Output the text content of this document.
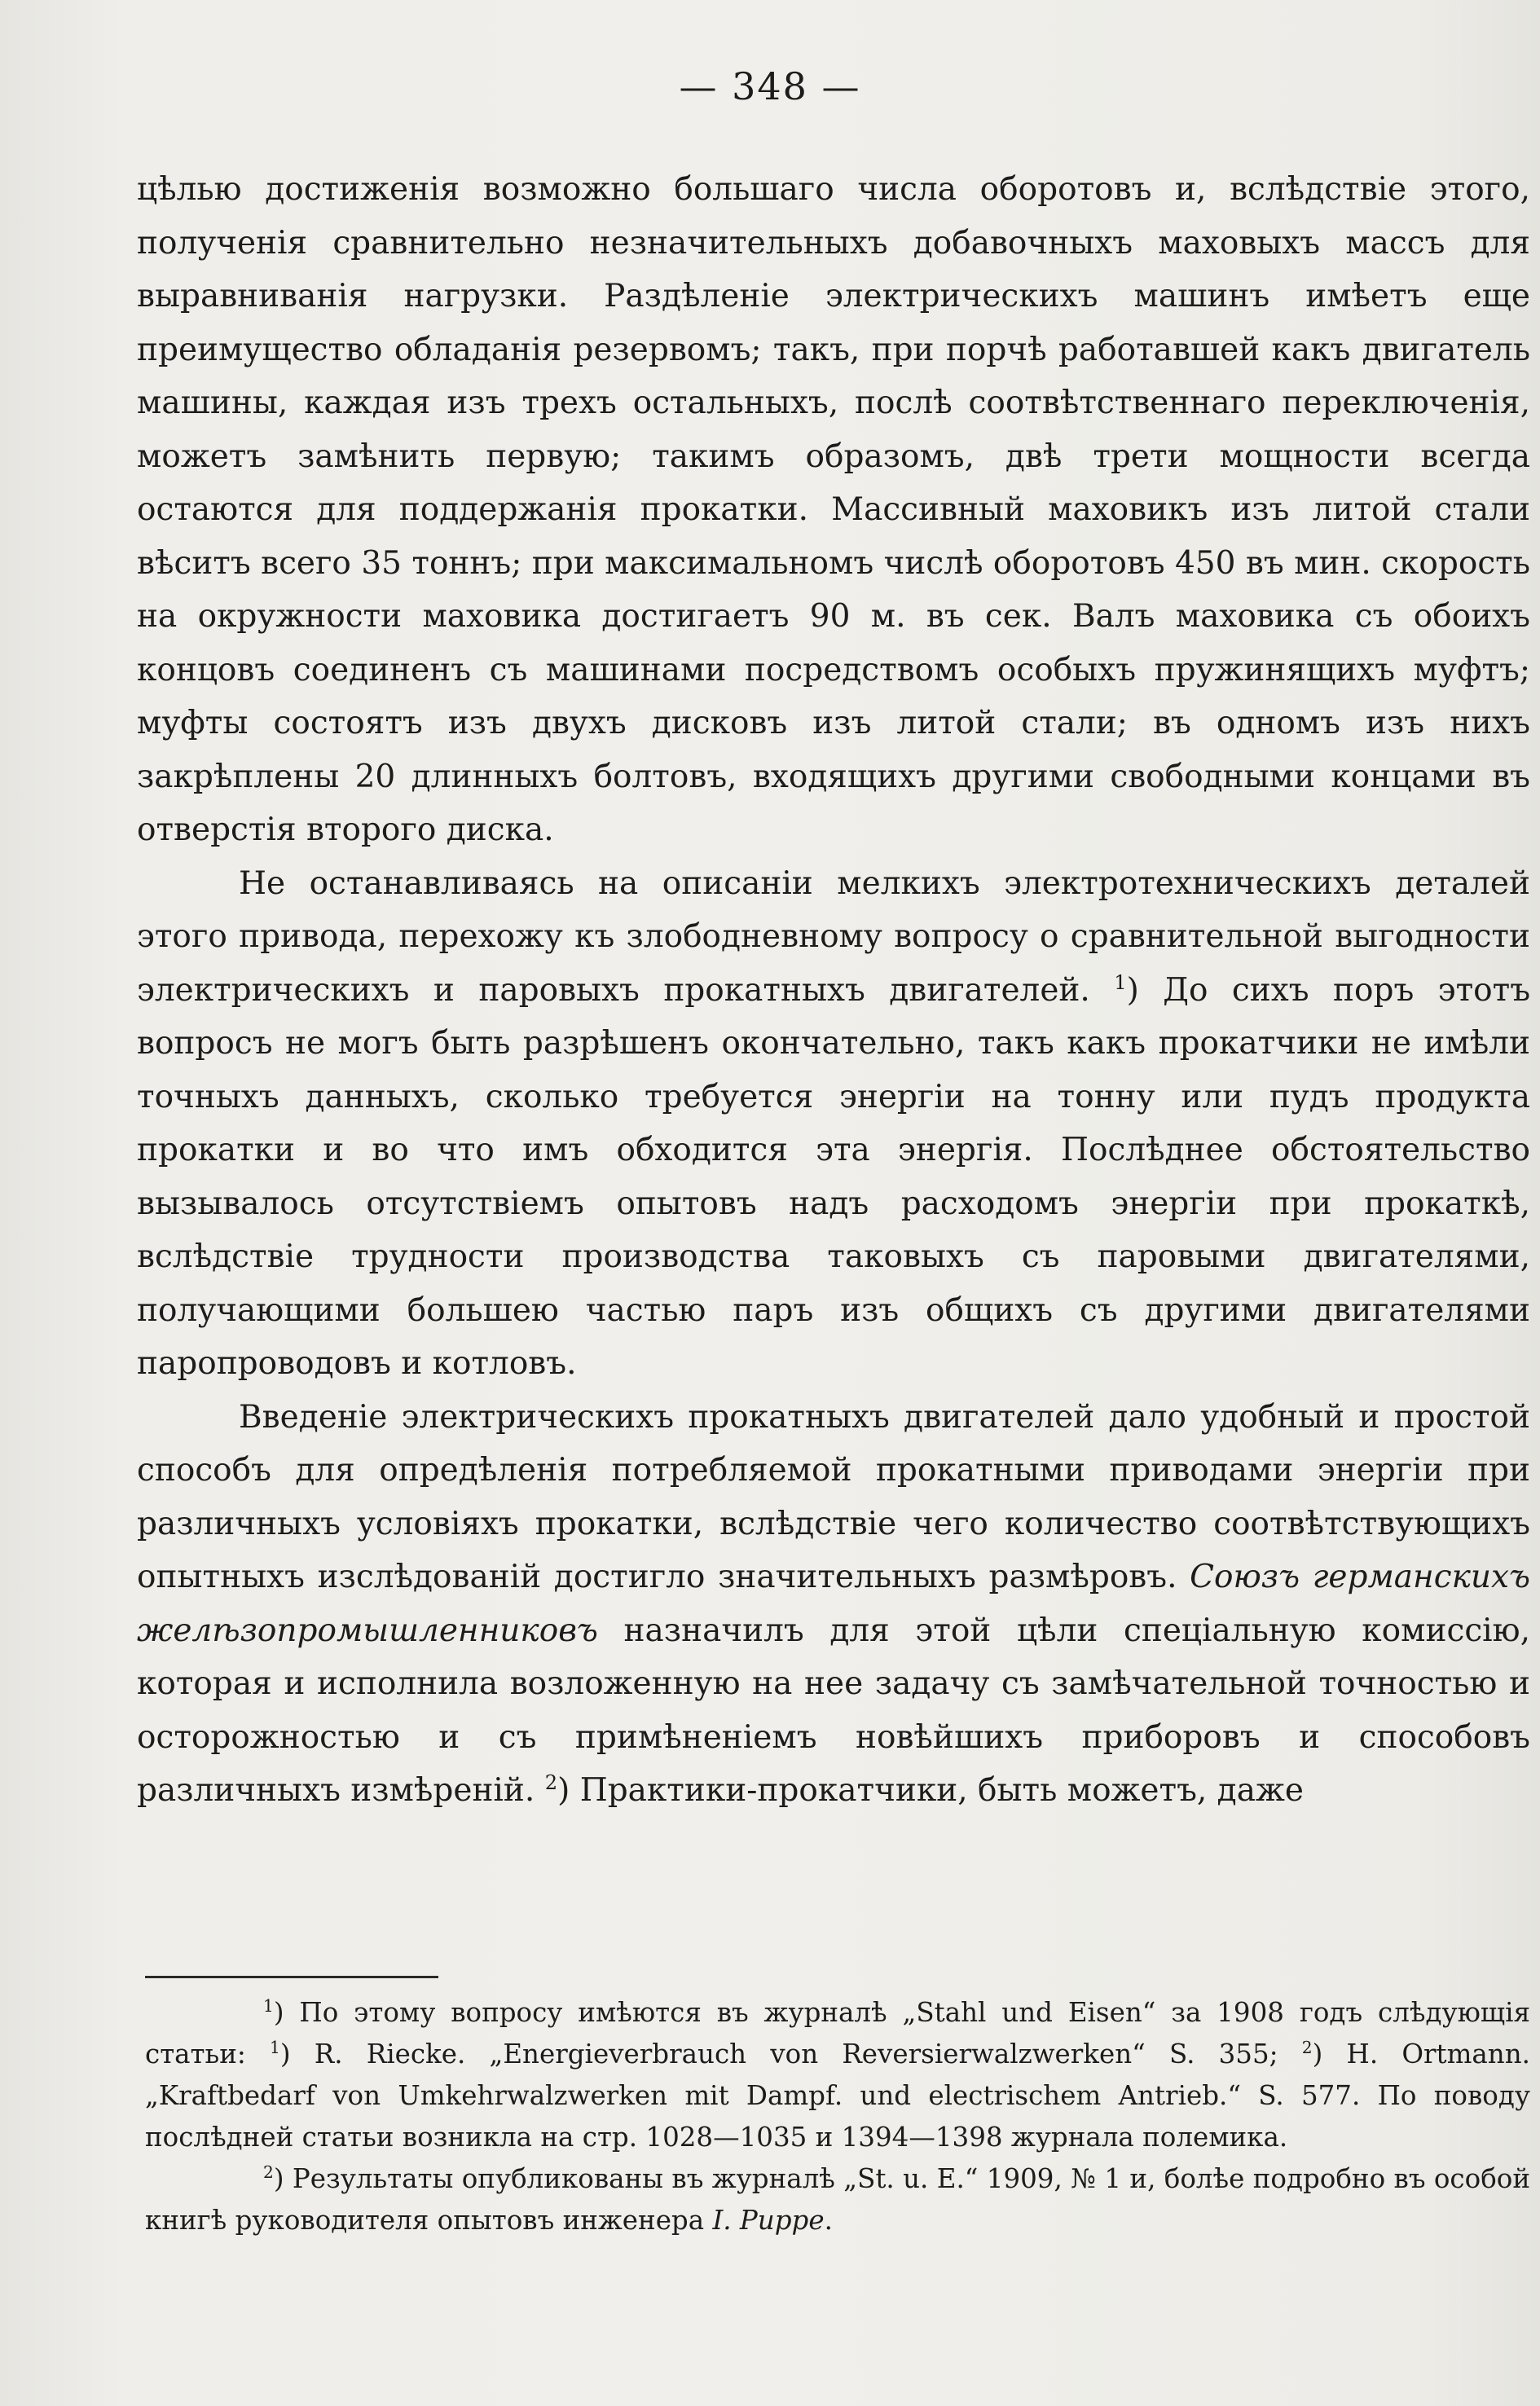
— 348 —

цѣлью достиженія возможно большаго числа оборотовъ и, вслѣдствіе этого, полученія сравнительно незначительныхъ добавочныхъ маховыхъ массъ для выравниванія нагрузки. Раздѣленіе электрическихъ машинъ имѣетъ еще преимущество обладанія резервомъ; такъ, при порчѣ работавшей какъ двигатель машины, каждая изъ трехъ остальныхъ, послѣ соотвѣтственнаго переключенія, можетъ замѣнить первую; такимъ образомъ, двѣ трети мощности всегда остаются для поддержанія прокатки. Массивный маховикъ изъ литой стали вѣситъ всего 35 тоннъ; при максимальномъ числѣ оборотовъ 450 въ мин. скорость на окружности маховика достигаетъ 90 м. въ сек. Валъ маховика съ обоихъ концовъ соединенъ съ машинами посредствомъ особыхъ пружинящихъ муфтъ; муфты состоятъ изъ двухъ дисковъ изъ литой стали; въ одномъ изъ нихъ закрѣплены 20 длинныхъ болтовъ, входящихъ другими свободными концами въ отверстія второго диска.

Не останавливаясь на описаніи мелкихъ электротехническихъ деталей этого привода, перехожу къ злободневному вопросу о сравнительной выгодности электрическихъ и паровыхъ прокатныхъ двигателей. $^1$) До сихъ поръ этотъ вопросъ не могъ быть разрѣшенъ окончательно, такъ какъ прокатчики не имѣли точныхъ данныхъ, сколько требуется энергіи на тонну или пудъ продукта прокатки и во что имъ обходится эта энергія. Послѣднее обстоятельство вызывалось отсутствіемъ опытовъ надъ расходомъ энергіи при прокаткѣ, вслѣдствіе трудности производства таковыхъ съ паровыми двигателями, получающими большею частью паръ изъ общихъ съ другими двигателями паропроводовъ и котловъ.

Введеніе электрическихъ прокатныхъ двигателей дало удобный и простой способъ для опредѣленія потребляемой прокатными приводами энергіи при различныхъ условіяхъ прокатки, вслѣдствіе чего количество соотвѣтствующихъ опытныхъ изслѣдованій достигло значительныхъ размѣровъ. Союзъ германскихъ желѣзопромышленниковъ назначилъ для этой цѣли спеціальную комиссію, которая и исполнила возложенную на нее задачу съ замѣчательной точностью и осторожностью и съ примѣненіемъ новѣйшихъ приборовъ и способовъ различныхъ измѣреній. $^2$) Практики-прокатчики, быть можетъ, даже

$^1$) По этому вопросу имѣются въ журналѣ „Stahl und Eisen“ за 1908 годъ слѣдующія статьи: $^1$) R. Riecke. „Energieverbrauch von Reversierwalzwerken“ S. 355; $^2$) H. Ortmann. „Kraftbedarf von Umkehrwalzwerken mit Dampf. und electrischem Antrieb.“ S. 577. По поводу послѣдней статьи возникла на стр. 1028—1035 и 1394—1398 журнала полемика.

$^2$) Результаты опубликованы въ журналѣ „St. u. E.“ 1909, № 1 и, болѣе подробно въ особой книгѣ руководителя опытовъ инженера I. Puppe.
